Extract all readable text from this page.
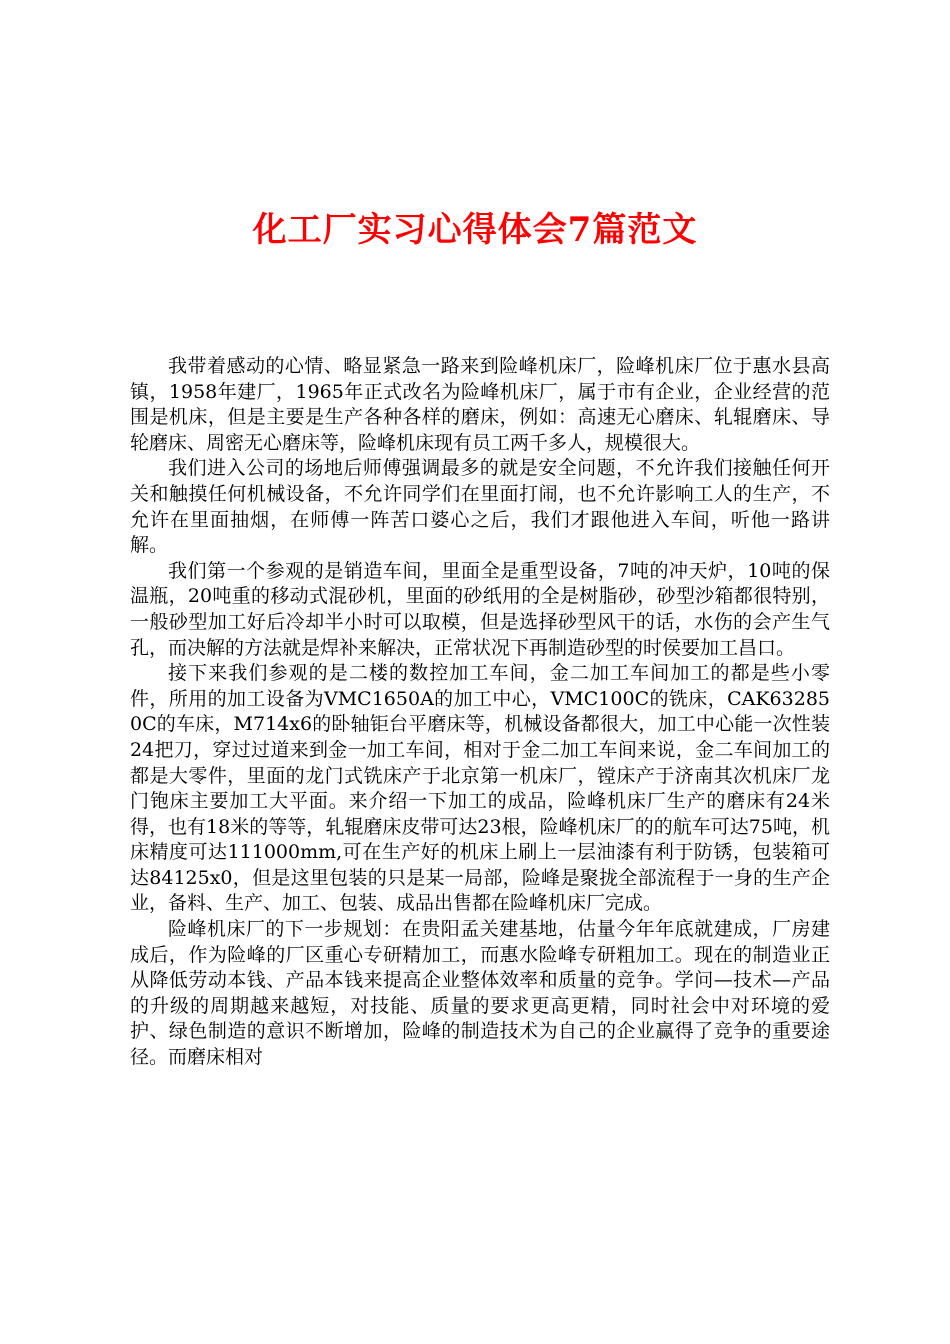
化工厂实习心得体会7篇范文

我带着感动的心情、略显紧急一路来到险峰机床厂，险峰机床厂位于惠水县高镇，1958年建厂，1965年正式改名为险峰机床厂，属于市有企业，企业经营的范围是机床，但是主要是生产各种各样的磨床，例如：高速无心磨床、轧辊磨床、导轮磨床、周密无心磨床等，险峰机床现有员工两千多人，规模很大。

我们进入公司的场地后师傅强调最多的就是安全问题，不允许我们接触任何开关和触摸任何机械设备，不允许同学们在里面打闹，也不允许影响工人的生产，不允许在里面抽烟，在师傅一阵苦口婆心之后，我们才跟他进入车间，听他一路讲解。

我们第一个参观的是销造车间，里面全是重型设备，7吨的冲天炉，10吨的保温瓶，20吨重的移动式混砂机，里面的砂纸用的全是树脂砂，砂型沙箱都很特别，一般砂型加工好后冷却半小时可以取模，但是选择砂型风干的话，水伤的会产生气孔，而决解的方法就是焊补来解决，正常状况下再制造砂型的时侯要加工昌口。

接下来我们参观的是二楼的数控加工车间，金二加工车间加工的都是些小零件，所用的加工设备为VMC1650A的加工中心，VMC100C的铣床，CAK632850C的车床，M714x6的卧轴钜台平磨床等，机械设备都很大，加工中心能一次性装24把刀，穿过过道来到金一加工车间，相对于金二加工车间来说，金二车间加工的都是大零件，里面的龙门式铣床产于北京第一机床厂，镗床产于济南其次机床厂龙门铇床主要加工大平面。来介绍一下加工的成品，险峰机床厂生产的磨床有24米得，也有18米的等等，轧辊磨床皮带可达23根，险峰机床厂的的航车可达75吨，机床精度可达111000mm,可在生产好的机床上刷上一层油漆有利于防锈，包装箱可达84125x0，但是这里包装的只是某一局部，险峰是聚拢全部流程于一身的生产企业，备料、生产、加工、包装、成品出售都在险峰机床厂完成。

险峰机床厂的下一步规划：在贵阳孟关建基地，估量今年年底就建成，厂房建成后，作为险峰的厂区重心专研精加工，而惠水险峰专研粗加工。现在的制造业正从降低劳动本钱、产品本钱来提高企业整体效率和质量的竞争。学问—技术—产品的升级的周期越来越短，对技能、质量的要求更高更精，同时社会中对环境的爱护、绿色制造的意识不断增加，险峰的制造技术为自己的企业赢得了竞争的重要途径。而磨床相对
